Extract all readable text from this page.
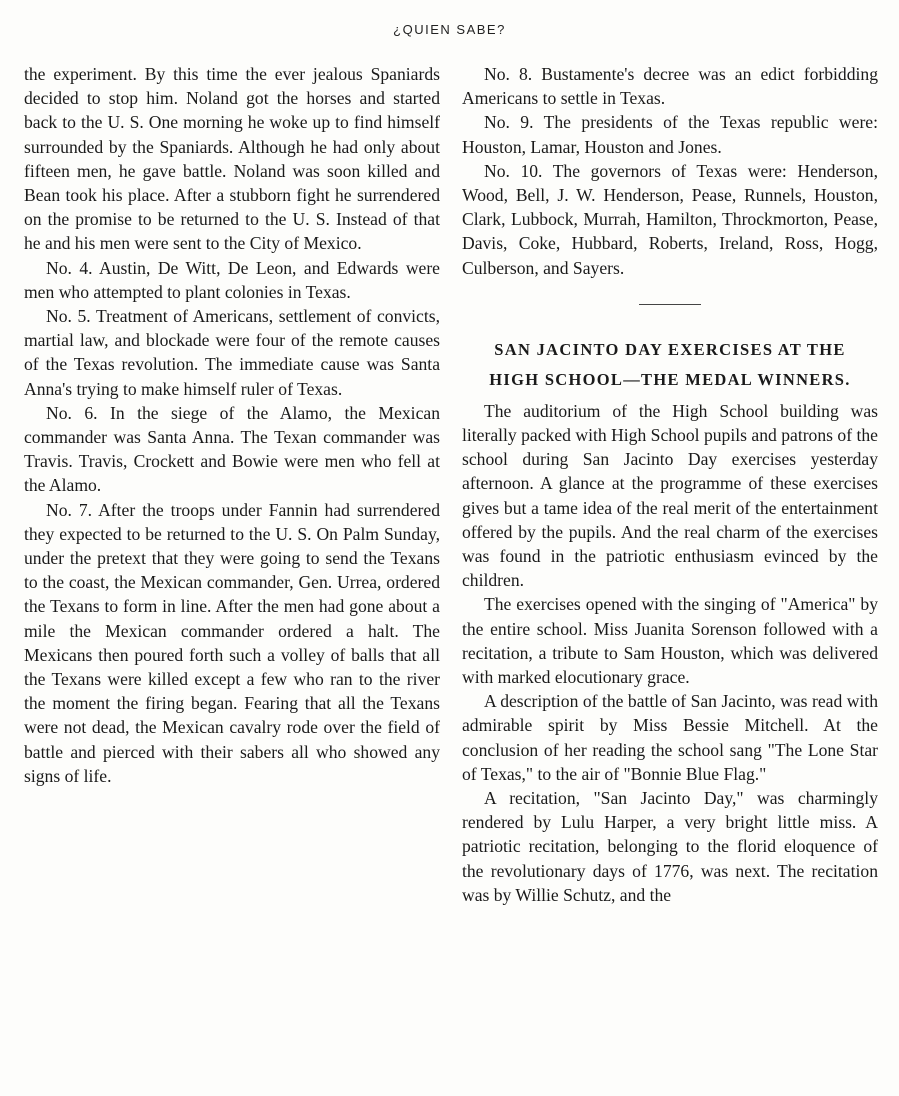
¿QUIEN SABE?

the experiment. By this time the ever jealous Spaniards decided to stop him. Noland got the horses and started back to the U. S. One morning he woke up to find himself surrounded by the Spaniards. Although he had only about fifteen men, he gave battle. Noland was soon killed and Bean took his place. After a stubborn fight he surrendered on the promise to be returned to the U. S. Instead of that he and his men were sent to the City of Mexico.

No. 4. Austin, De Witt, De Leon, and Edwards were men who attempted to plant colonies in Texas.

No. 5. Treatment of Americans, settlement of convicts, martial law, and blockade were four of the remote causes of the Texas revolution. The immediate cause was Santa Anna's trying to make himself ruler of Texas.

No. 6. In the siege of the Alamo, the Mexican commander was Santa Anna. The Texan commander was Travis. Travis, Crockett and Bowie were men who fell at the Alamo.

No. 7. After the troops under Fannin had surrendered they expected to be returned to the U. S. On Palm Sunday, under the pretext that they were going to send the Texans to the coast, the Mexican commander, Gen. Urrea, ordered the Texans to form in line. After the men had gone about a mile the Mexican commander ordered a halt. The Mexicans then poured forth such a volley of balls that all the Texans were killed except a few who ran to the river the moment the firing began. Fearing that all the Texans were not dead, the Mexican cavalry rode over the field of battle and pierced with their sabers all who showed any signs of life.

No. 8. Bustamente's decree was an edict forbidding Americans to settle in Texas.

No. 9. The presidents of the Texas republic were: Houston, Lamar, Houston and Jones.

No. 10. The governors of Texas were: Henderson, Wood, Bell, J. W. Henderson, Pease, Runnels, Houston, Clark, Lubbock, Murrah, Hamilton, Throckmorton, Pease, Davis, Coke, Hubbard, Roberts, Ireland, Ross, Hogg, Culberson, and Sayers.

SAN JACINTO DAY EXERCISES AT THE
HIGH SCHOOL—THE MEDAL WINNERS.

The auditorium of the High School building was literally packed with High School pupils and patrons of the school during San Jacinto Day exercises yesterday afternoon. A glance at the programme of these exercises gives but a tame idea of the real merit of the entertainment offered by the pupils. And the real charm of the exercises was found in the patriotic enthusiasm evinced by the children.

The exercises opened with the singing of "America" by the entire school. Miss Juanita Sorenson followed with a recitation, a tribute to Sam Houston, which was delivered with marked elocutionary grace.

A description of the battle of San Jacinto, was read with admirable spirit by Miss Bessie Mitchell. At the conclusion of her reading the school sang "The Lone Star of Texas," to the air of "Bonnie Blue Flag."

A recitation, "San Jacinto Day," was charmingly rendered by Lulu Harper, a very bright little miss. A patriotic recitation, belonging to the florid eloquence of the revolutionary days of 1776, was next. The recitation was by Willie Schutz, and the
